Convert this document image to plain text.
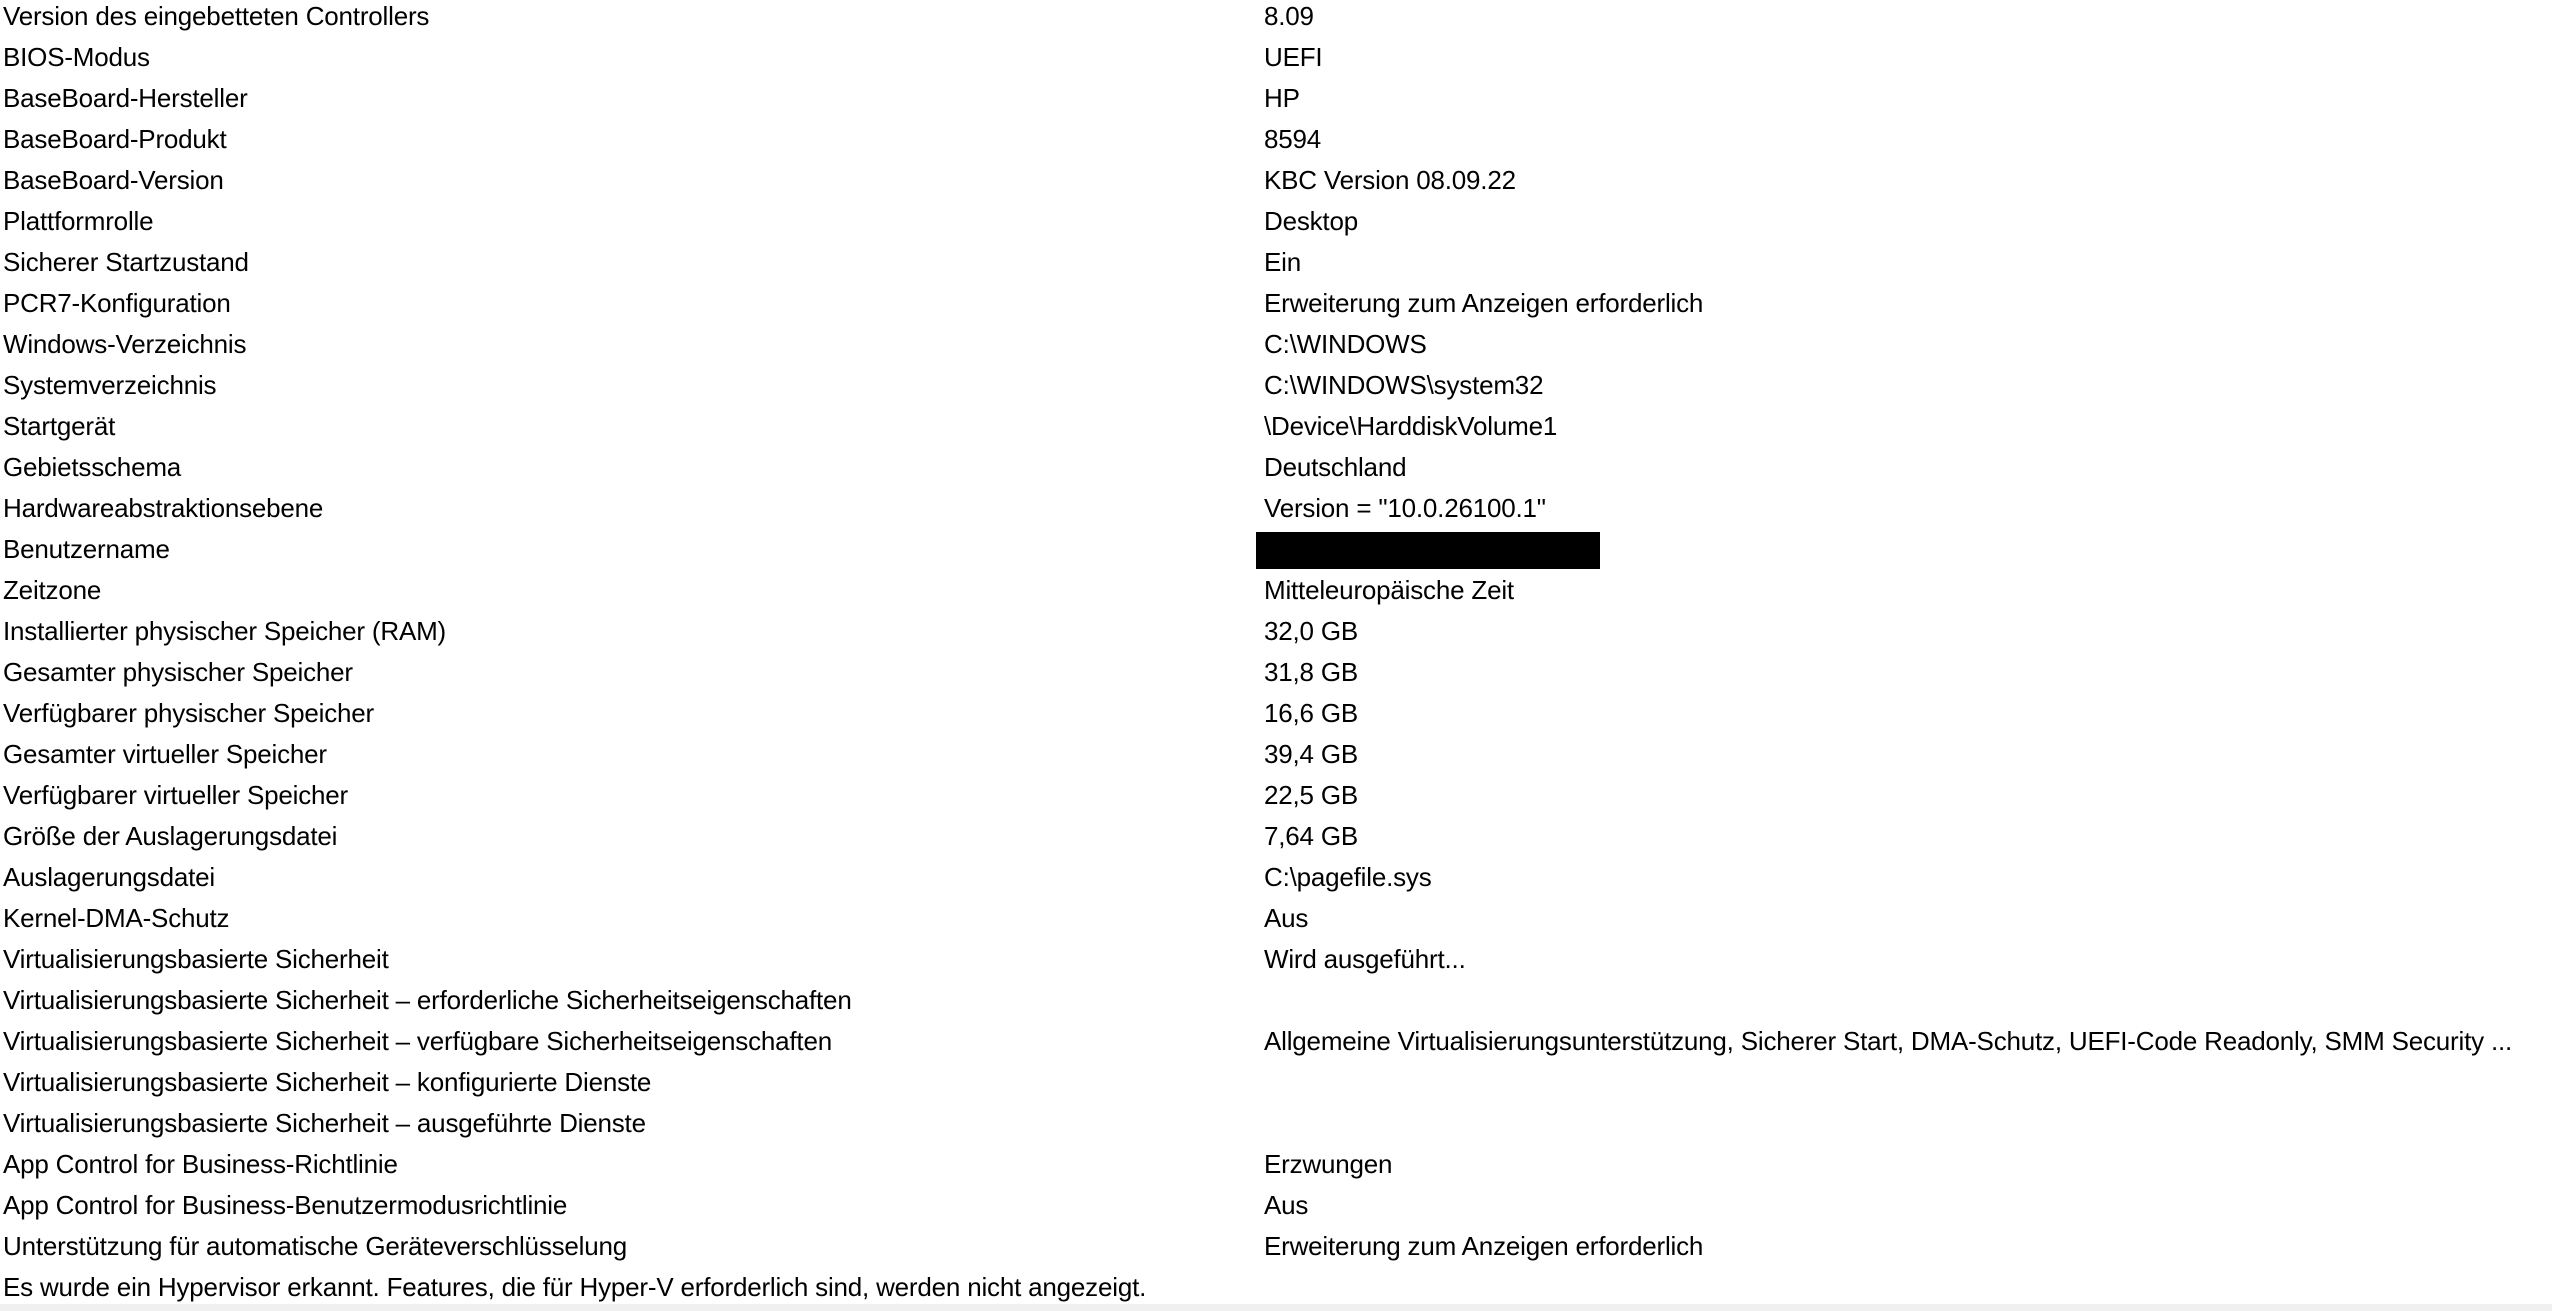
Version des eingebetteten Controllers	8.09
BIOS-Modus	UEFI
BaseBoard-Hersteller	HP
BaseBoard-Produkt	8594
BaseBoard-Version	KBC Version 08.09.22
Plattformrolle	Desktop
Sicherer Startzustand	Ein
PCR7-Konfiguration	Erweiterung zum Anzeigen erforderlich
Windows-Verzeichnis	C:\WINDOWS
Systemverzeichnis	C:\WINDOWS\system32
Startgerät	\Device\HarddiskVolume1
Gebietsschema	Deutschland
Hardwareabstraktionsebene	Version = "10.0.26100.1"
Benutzername
Zeitzone	Mitteleuropäische Zeit
Installierter physischer Speicher (RAM)	32,0 GB
Gesamter physischer Speicher	31,8 GB
Verfügbarer physischer Speicher	16,6 GB
Gesamter virtueller Speicher	39,4 GB
Verfügbarer virtueller Speicher	22,5 GB
Größe der Auslagerungsdatei	7,64 GB
Auslagerungsdatei	C:\pagefile.sys
Kernel-DMA-Schutz	Aus
Virtualisierungsbasierte Sicherheit	Wird ausgeführt...
Virtualisierungsbasierte Sicherheit – erforderliche Sicherheitseigenschaften
Virtualisierungsbasierte Sicherheit – verfügbare Sicherheitseigenschaften	Allgemeine Virtualisierungsunterstützung, Sicherer Start, DMA-Schutz, UEFI-Code Readonly, SMM Security ...
Virtualisierungsbasierte Sicherheit – konfigurierte Dienste
Virtualisierungsbasierte Sicherheit – ausgeführte Dienste
App Control for Business-Richtlinie	Erzwungen
App Control for Business-Benutzermodusrichtlinie	Aus
Unterstützung für automatische Geräteverschlüsselung	Erweiterung zum Anzeigen erforderlich
Es wurde ein Hypervisor erkannt. Features, die für Hyper-V erforderlich sind, werden nicht angezeigt.
